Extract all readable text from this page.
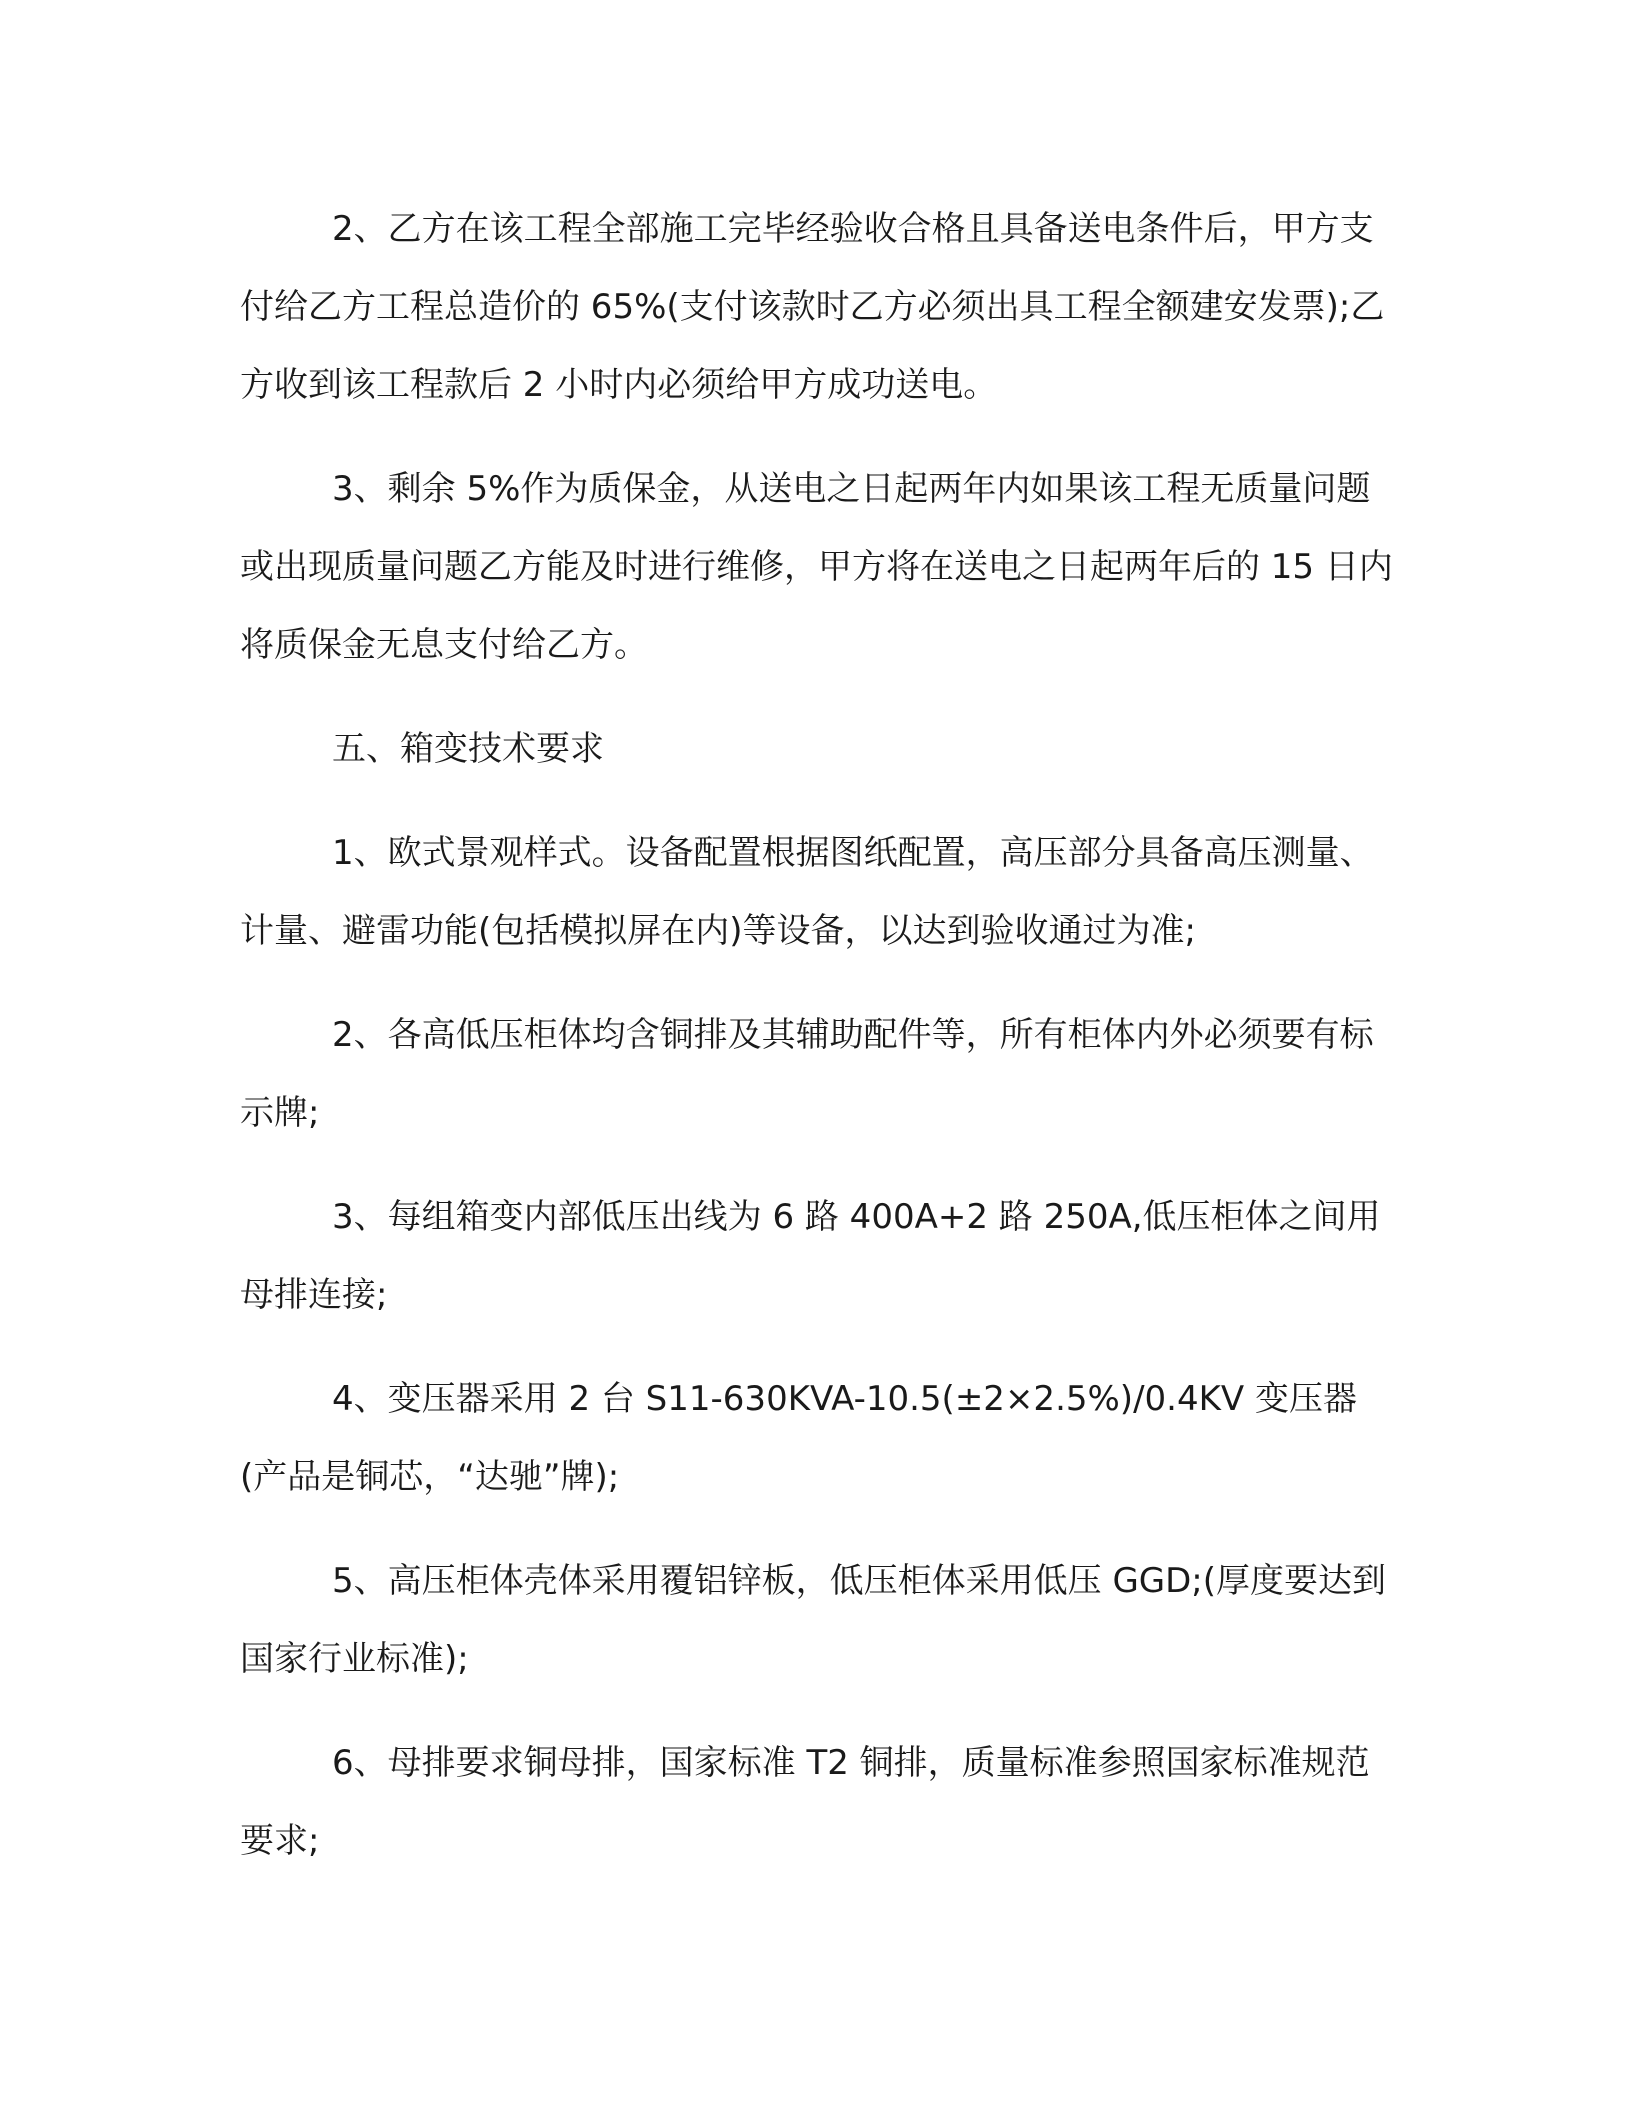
2、乙方在该工程全部施工完毕经验收合格且具备送电条件后，甲方支付给乙方工程总造价的 65%(支付该款时乙方必须出具工程全额建安发票);乙方收到该工程款后 2 小时内必须给甲方成功送电。

3、剩余 5%作为质保金，从送电之日起两年内如果该工程无质量问题或出现质量问题乙方能及时进行维修，甲方将在送电之日起两年后的 15 日内将质保金无息支付给乙方。

五、箱变技术要求

1、欧式景观样式。设备配置根据图纸配置，高压部分具备高压测量、计量、避雷功能(包括模拟屏在内)等设备，以达到验收通过为准;

2、各高低压柜体均含铜排及其辅助配件等，所有柜体内外必须要有标示牌;

3、每组箱变内部低压出线为 6 路 400A+2 路 250A,低压柜体之间用母排连接;

4、变压器采用 2 台 S11-630KVA-10.5(±2×2.5%)/0.4KV 变压器(产品是铜芯，“达驰”牌);

5、高压柜体壳体采用覆铝锌板，低压柜体采用低压 GGD;(厚度要达到国家行业标准);

6、母排要求铜母排，国家标准 T2 铜排，质量标准参照国家标准规范要求;
